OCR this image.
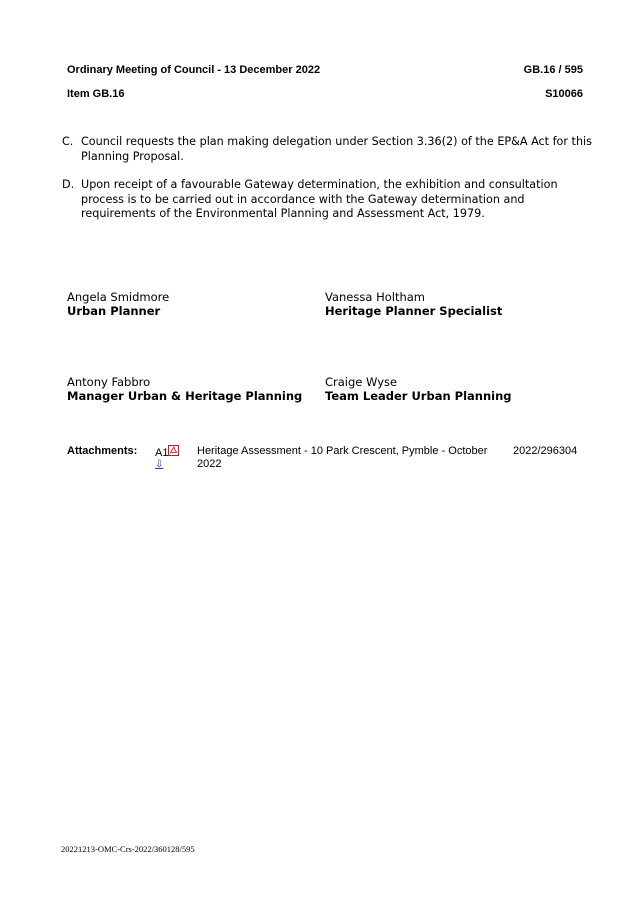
Ordinary Meeting of Council - 13 December 2022	GB.16 / 595
Item GB.16	S10066
C. Council requests the plan making delegation under Section 3.36(2) of the EP&A Act for this Planning Proposal.
D. Upon receipt of a favourable Gateway determination, the exhibition and consultation process is to be carried out in accordance with the Gateway determination and requirements of the Environmental Planning and Assessment Act, 1979.
Angela Smidmore
Urban Planner
Vanessa Holtham
Heritage Planner Specialist
Antony Fabbro
Manager Urban & Heritage Planning
Craige Wyse
Team Leader Urban Planning
Attachments: A1
⇩
Heritage Assessment - 10 Park Crescent, Pymble - October 2022
2022/296304
20221213-OMC-Crs-2022/360128/595
